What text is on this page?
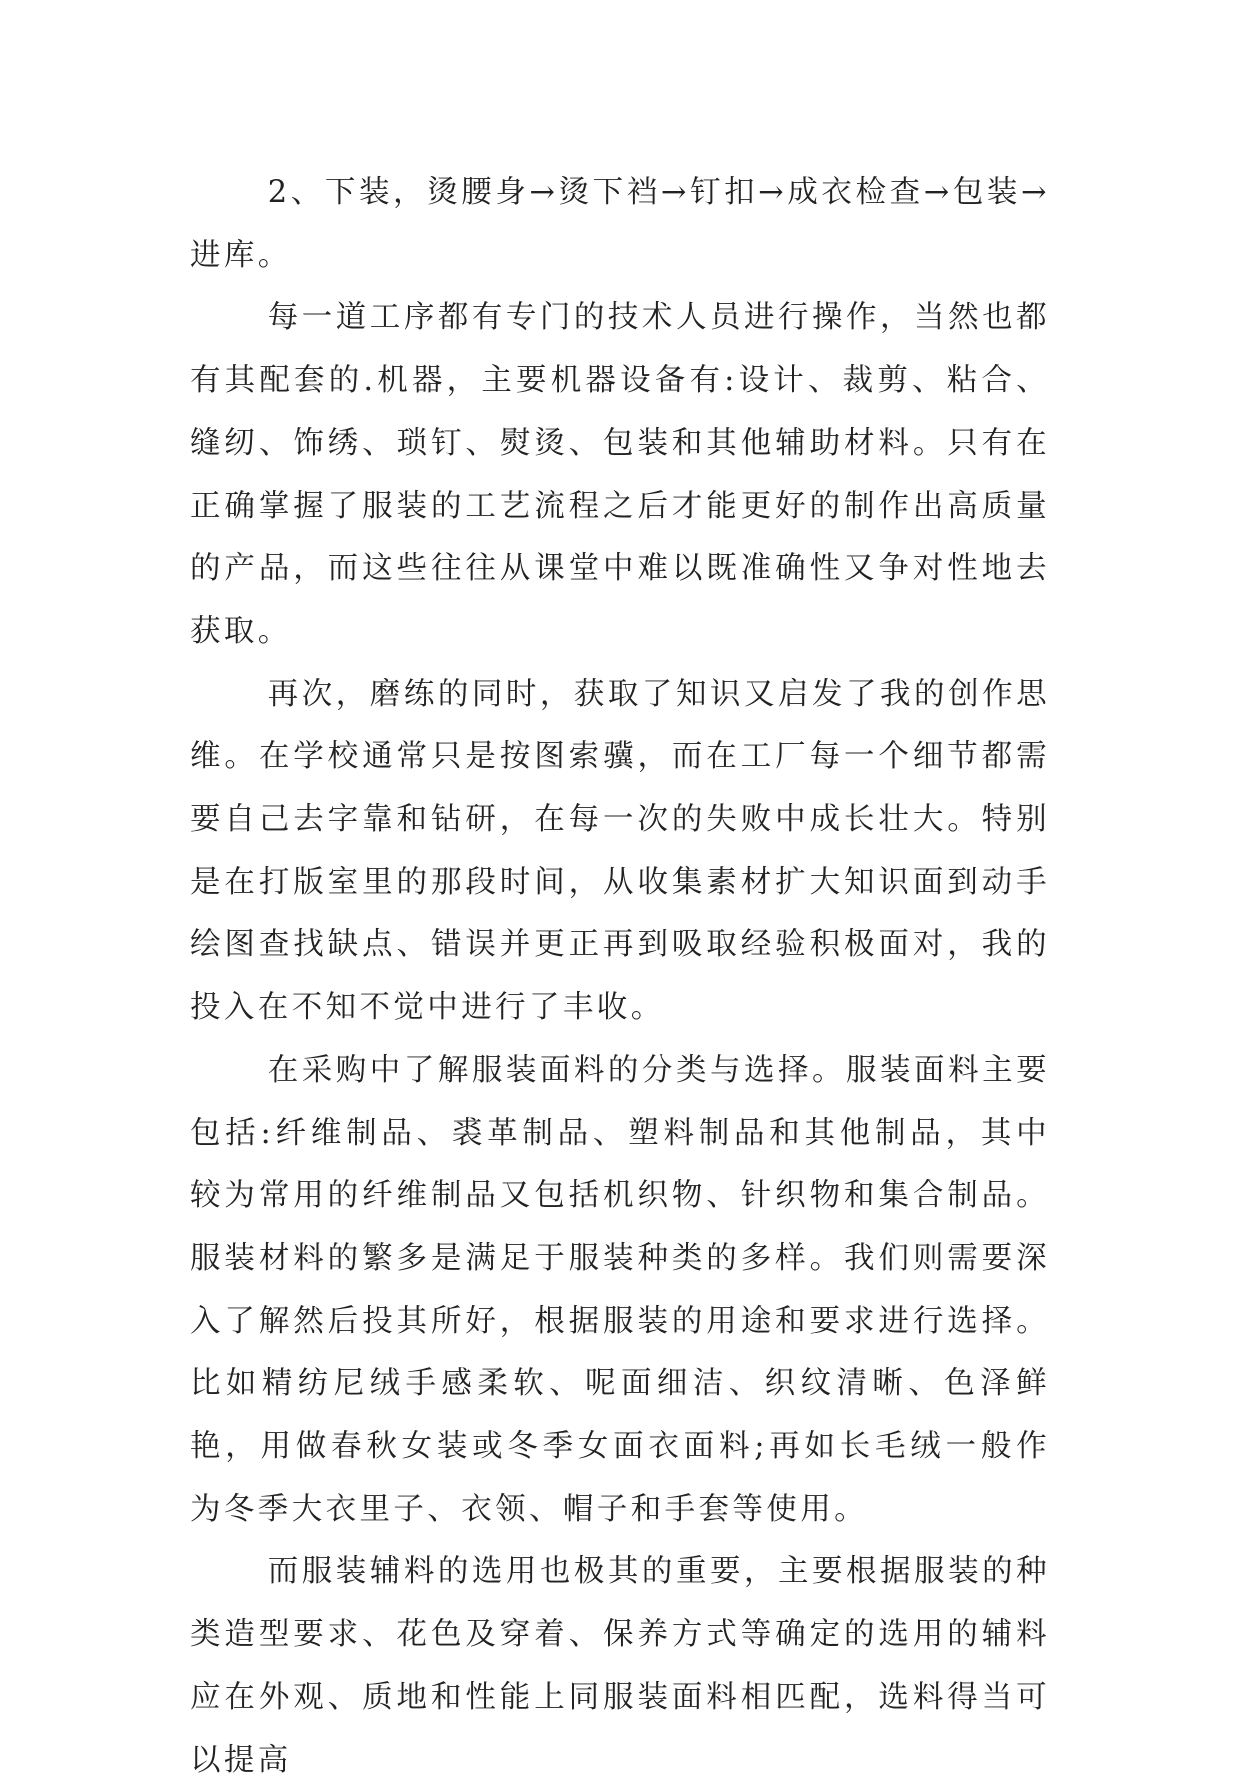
2、下装，烫腰身→烫下裆→钉扣→成衣检查→包装→进库。

每一道工序都有专门的技术人员进行操作，当然也都有其配套的.机器，主要机器设备有:设计、裁剪、粘合、缝纫、饰绣、琐钉、熨烫、包装和其他辅助材料。只有在正确掌握了服装的工艺流程之后才能更好的制作出高质量的产品，而这些往往从课堂中难以既准确性又争对性地去获取。

再次，磨练的同时，获取了知识又启发了我的创作思维。在学校通常只是按图索骥，而在工厂每一个细节都需要自己去字靠和钻研，在每一次的失败中成长壮大。特别是在打版室里的那段时间，从收集素材扩大知识面到动手绘图查找缺点、错误并更正再到吸取经验积极面对，我的投入在不知不觉中进行了丰收。

在采购中了解服装面料的分类与选择。服装面料主要包括:纤维制品、裘革制品、塑料制品和其他制品，其中较为常用的纤维制品又包括机织物、针织物和集合制品。服装材料的繁多是满足于服装种类的多样。我们则需要深入了解然后投其所好，根据服装的用途和要求进行选择。比如精纺尼绒手感柔软、呢面细洁、织纹清晰、色泽鲜艳，用做春秋女装或冬季女面衣面料;再如长毛绒一般作为冬季大衣里子、衣领、帽子和手套等使用。

而服装辅料的选用也极其的重要，主要根据服装的种类造型要求、花色及穿着、保养方式等确定的选用的辅料应在外观、质地和性能上同服装面料相匹配，选料得当可以提高
